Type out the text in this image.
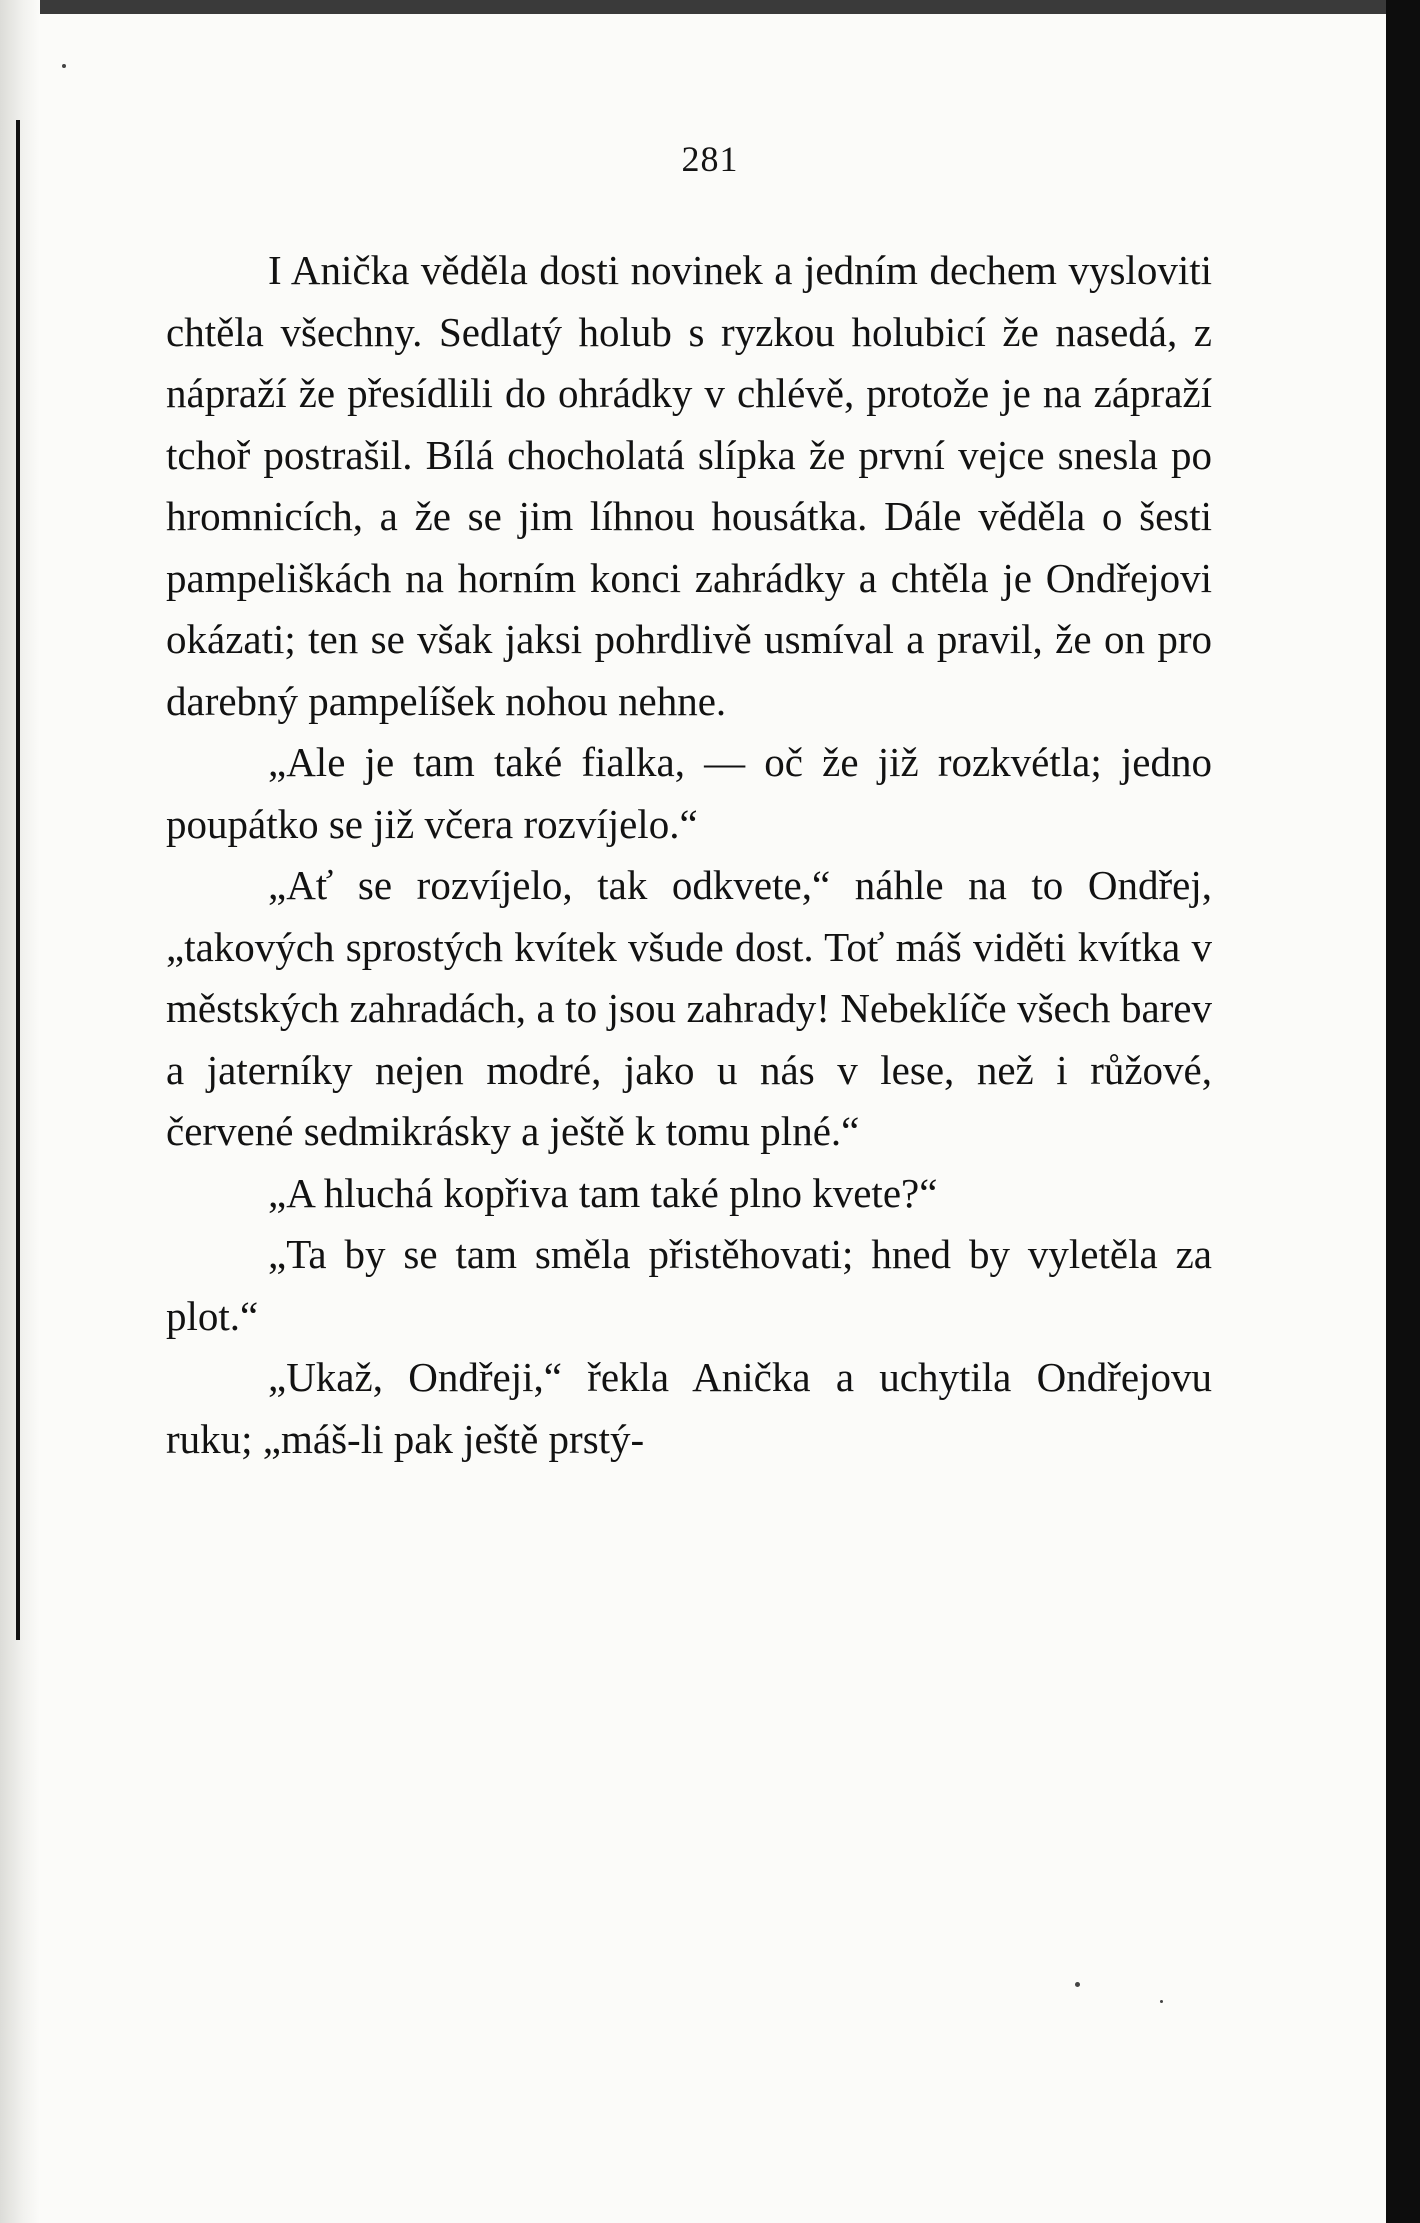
281

I Anička věděla dosti novinek a jedním dechem vysloviti chtěla všechny. Sedlatý holub s ryzkou holubicí že nasedá, z nápraží že přesídlili do ohrádky v chlévě, protože je na zápraží tchoř postrašil. Bílá chocholatá slípka že první vejce snesla po hromnicích, a že se jim líhnou housátka. Dále věděla o šesti pampeliškách na horním konci zahrádky a chtěla je Ondřejovi okázati; ten se však jaksi pohrdlivě usmíval a pravil, že on pro darebný pampelíšek nohou nehne.

„Ale je tam také fialka, — oč že již rozkvétla; jedno poupátko se již včera rozvíjelo.“

„Ať se rozvíjelo, tak odkvete,“ náhle na to Ondřej, „takových sprostých kvítek všude dost. Toť máš viděti kvítka v městských zahradách, a to jsou zahrady! Nebeklíče všech barev a jaterníky nejen modré, jako u nás v lese, než i růžové, červené sedmikrásky a ještě k tomu plné.“

„A hluchá kopřiva tam také plno kvete?“

„Ta by se tam směla přistěhovati; hned by vyletěla za plot.“

„Ukaž, Ondřeji,“ řekla Anička a uchytila Ondřejovu ruku; „máš-li pak ještě prstý-
